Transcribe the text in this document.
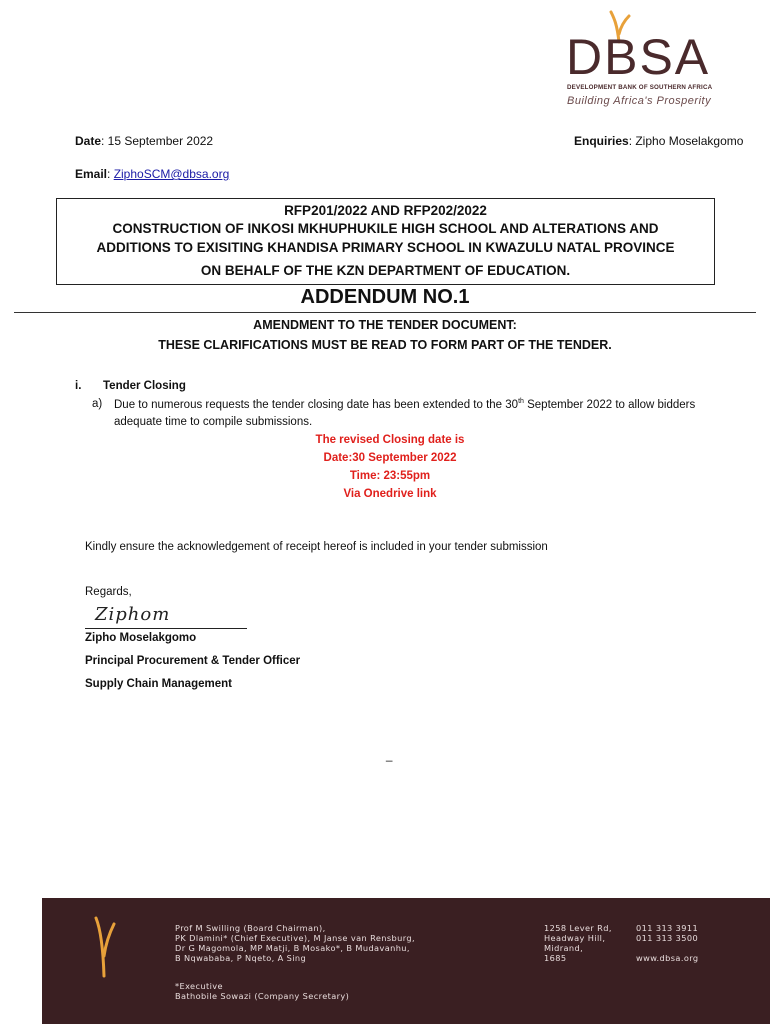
DBSA
DEVELOPMENT BANK OF SOUTHERN AFRICA
Building Africa's Prosperity
Date: 15 September 2022	Enquiries: Zipho Moselakgomo
Email: ZiphoSCM@dbsa.org
RFP201/2022 AND RFP202/2022
CONSTRUCTION OF INKOSI MKHUPHUKILE HIGH SCHOOL AND ALTERATIONS AND
ADDITIONS TO EXISITING KHANDISA PRIMARY SCHOOL IN KWAZULU NATAL PROVINCE
ON BEHALF OF THE KZN DEPARTMENT OF EDUCATION.
ADDENDUM NO.1
AMENDMENT TO THE TENDER DOCUMENT:
THESE CLARIFICATIONS MUST BE READ TO FORM PART OF THE TENDER.
i. Tender Closing
a) Due to numerous requests the tender closing date has been extended to the 30th September 2022 to allow bidders
adequate time to compile submissions.
The revised Closing date is
Date:30 September 2022
Time: 23:55pm
Via Onedrive link
Kindly ensure the acknowledgement of receipt hereof is included in your tender submission
Regards,
Ziphom
Zipho Moselakgomo
Principal Procurement & Tender Officer
Supply Chain Management
_
Prof M Swilling (Board Chairman),
PK Dlamini* (Chief Executive), M Janse van Rensburg,
Dr G Magomola, MP Matji, B Mosako*, B Mudavanhu,
B Nqwababa, P Nqeto, A Sing
*Executive
Bathobile Sowazi (Company Secretary)
1258 Lever Rd,
Headway Hill,
Midrand,
1685
011 313 3911
011 313 3500
www.dbsa.org
